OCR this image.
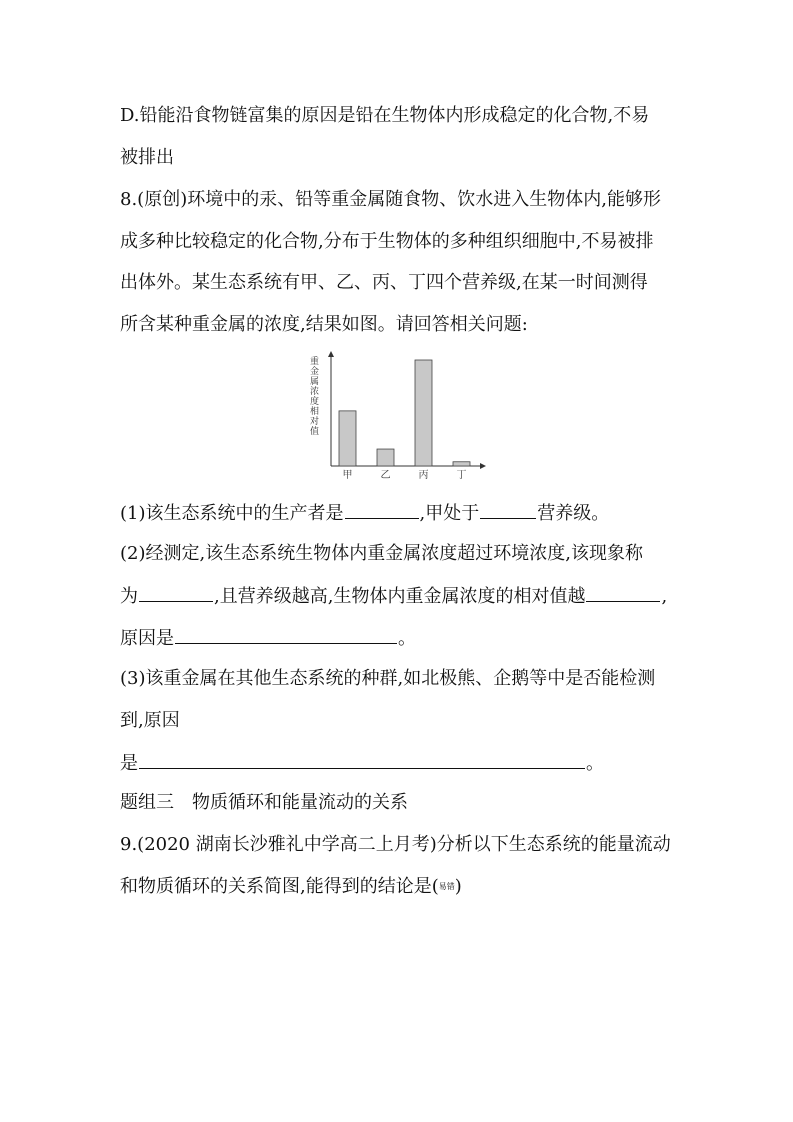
D.铅能沿食物链富集的原因是铅在生物体内形成稳定的化合物,不易
被排出
8.(原创)环境中的汞、铅等重金属随食物、饮水进入生物体内,能够形
成多种比较稳定的化合物,分布于生物体的多种组织细胞中,不易被排
出体外。某生态系统有甲、乙、丙、丁四个营养级,在某一时间测得
所含某种重金属的浓度,结果如图。请回答相关问题:
重金属浓度相对值
甲	乙	丙	丁
(1)该生态系统中的生产者是	,甲处于	营养级。
(2)经测定,该生态系统生物体内重金属浓度超过环境浓度,该现象称
为	,且营养级越高,生物体内重金属浓度的相对值越	,
原因是	。
(3)该重金属在其他生态系统的种群,如北极熊、企鹅等中是否能检测
到,原因
是	。
题组三　物质循环和能量流动的关系
9.(2020 湖南长沙雅礼中学高二上月考)分析以下生态系统的能量流动
和物质循环的关系简图,能得到的结论是(易错)
